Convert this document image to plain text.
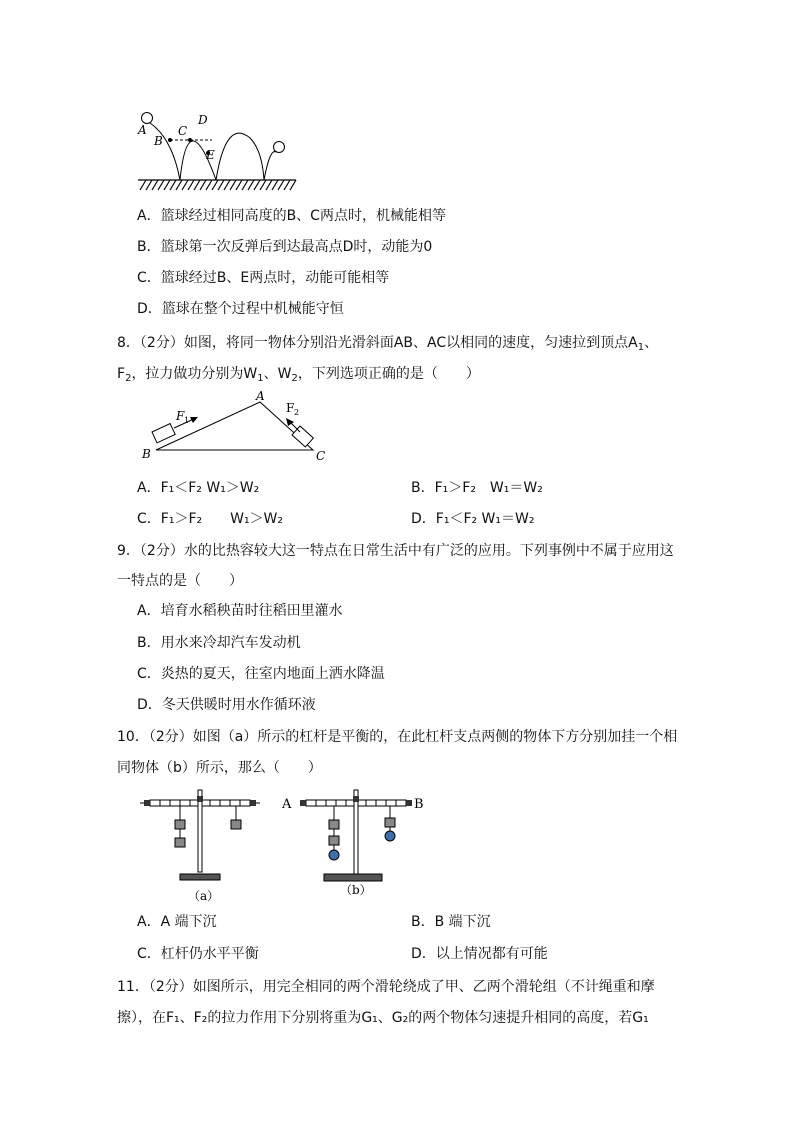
A
B
C
D
E
A．篮球经过相同高度的B、C两点时，机械能相等
B．篮球第一次反弹后到达最高点D时，动能为0
C．篮球经过B、E两点时，动能可能相等
D．篮球在整个过程中机械能守恒
8．（2分）如图，将同一物体分别沿光滑斜面AB、AC以相同的速度，匀速拉到顶点$A_1$、
$F_2$，拉力做功分别为$W_1$、$W_2$，下列选项正确的是（　　）
A
B	C
F 1
F 2
A．F₁＜F₂ W₁＞W₂	B．F₁＞F₂　W₁＝W₂
C．F₁＞F₂　　W₁＞W₂	D．F₁＜F₂ W₁＝W₂
9．（2分）水的比热容较大这一特点在日常生活中有广泛的应用。下列事例中不属于应用这
一特点的是（　　）
A．培育水稻秧苗时往稻田里灌水
B．用水来冷却汽车发动机
C．炎热的夏天，往室内地面上洒水降温
D．冬天供暖时用水作循环液
10．（2分）如图（a）所示的杠杆是平衡的，在此杠杆支点两侧的物体下方分别加挂一个相
同物体（b）所示，那么（　　）
（a）
A	B
（b）
A．A 端下沉	B．B 端下沉
C．杠杆仍水平平衡	D．以上情况都有可能
11．（2分）如图所示，用完全相同的两个滑轮绕成了甲、乙两个滑轮组（不计绳重和摩
擦），在F₁、F₂的拉力作用下分别将重为G₁、G₂的两个物体匀速提升相同的高度，若G₁
